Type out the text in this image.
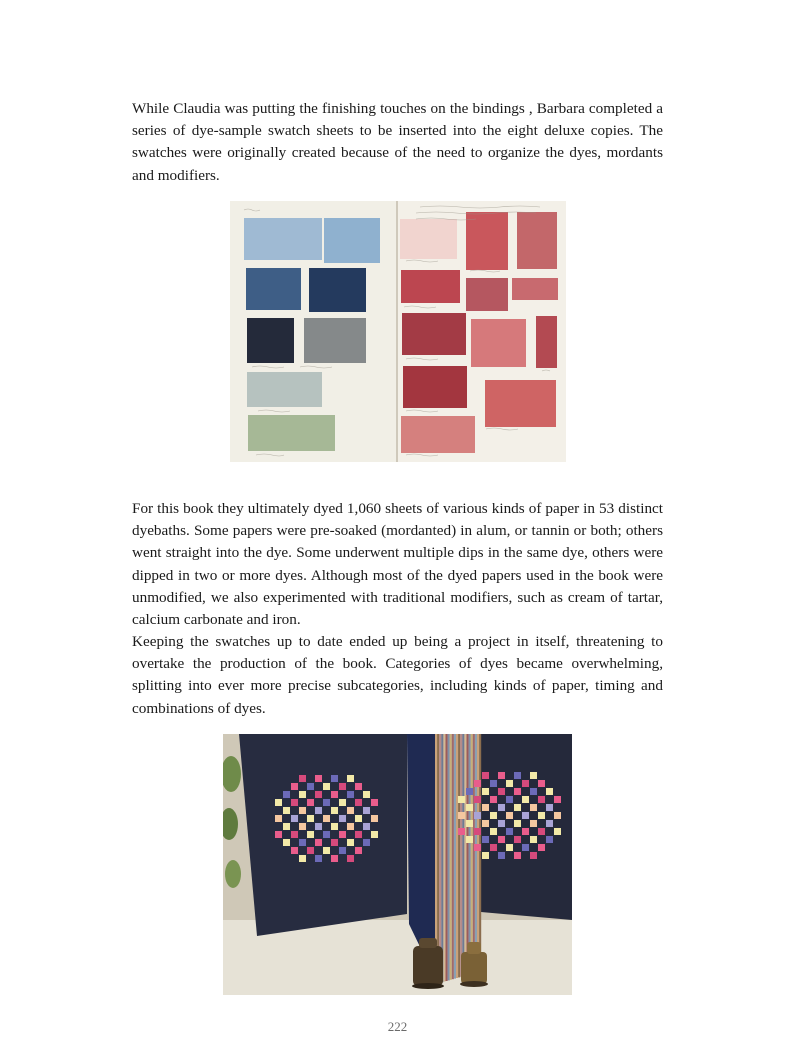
While Claudia was putting the finishing touches on the bindings , Barbara completed a series of dye-sample swatch sheets to be inserted into the eight deluxe copies. The swatches were originally created because of the need to organize the dyes, mordants and modifiers.

For this book they ultimately dyed 1,060 sheets of various kinds of paper in 53 distinct dyebaths. Some papers were pre-soaked (mordanted) in alum, or tannin or both; others went straight into the dye. Some underwent multiple dips in the same dye, others were dipped in two or more dyes. Although most of the dyed papers used in the book were unmodified, we also experimented with traditional modifiers, such as cream of tartar, calcium carbonate and iron.

Keeping the swatches up to date ended up being a project in itself, threatening to overtake the production of the book. Categories of dyes became overwhelming, splitting into ever more precise subcategories, including kinds of paper, timing and combinations of dyes.

222
